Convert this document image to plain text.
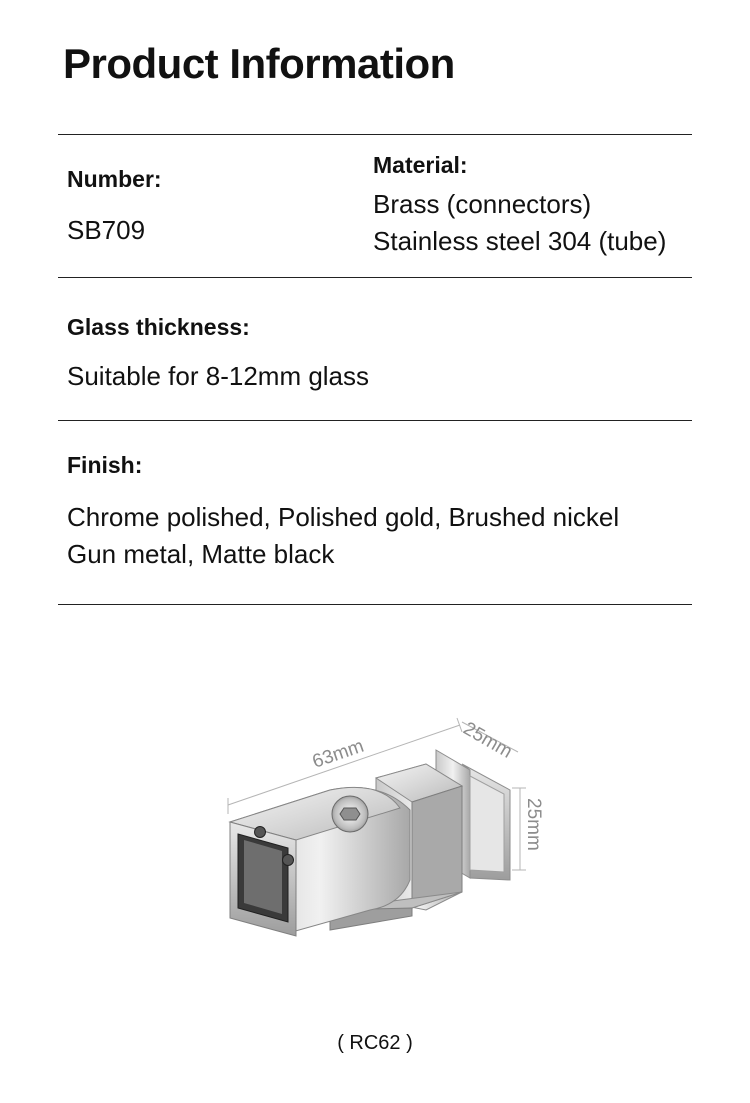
Product Information
Number:
SB709
Material:
Brass (connectors)
Stainless steel 304 (tube)
Glass thickness:
Suitable for 8-12mm glass
Finish:
Chrome polished, Polished gold, Brushed nickel
Gun metal, Matte black
63mm	25mm
25mm
( RC62 )
